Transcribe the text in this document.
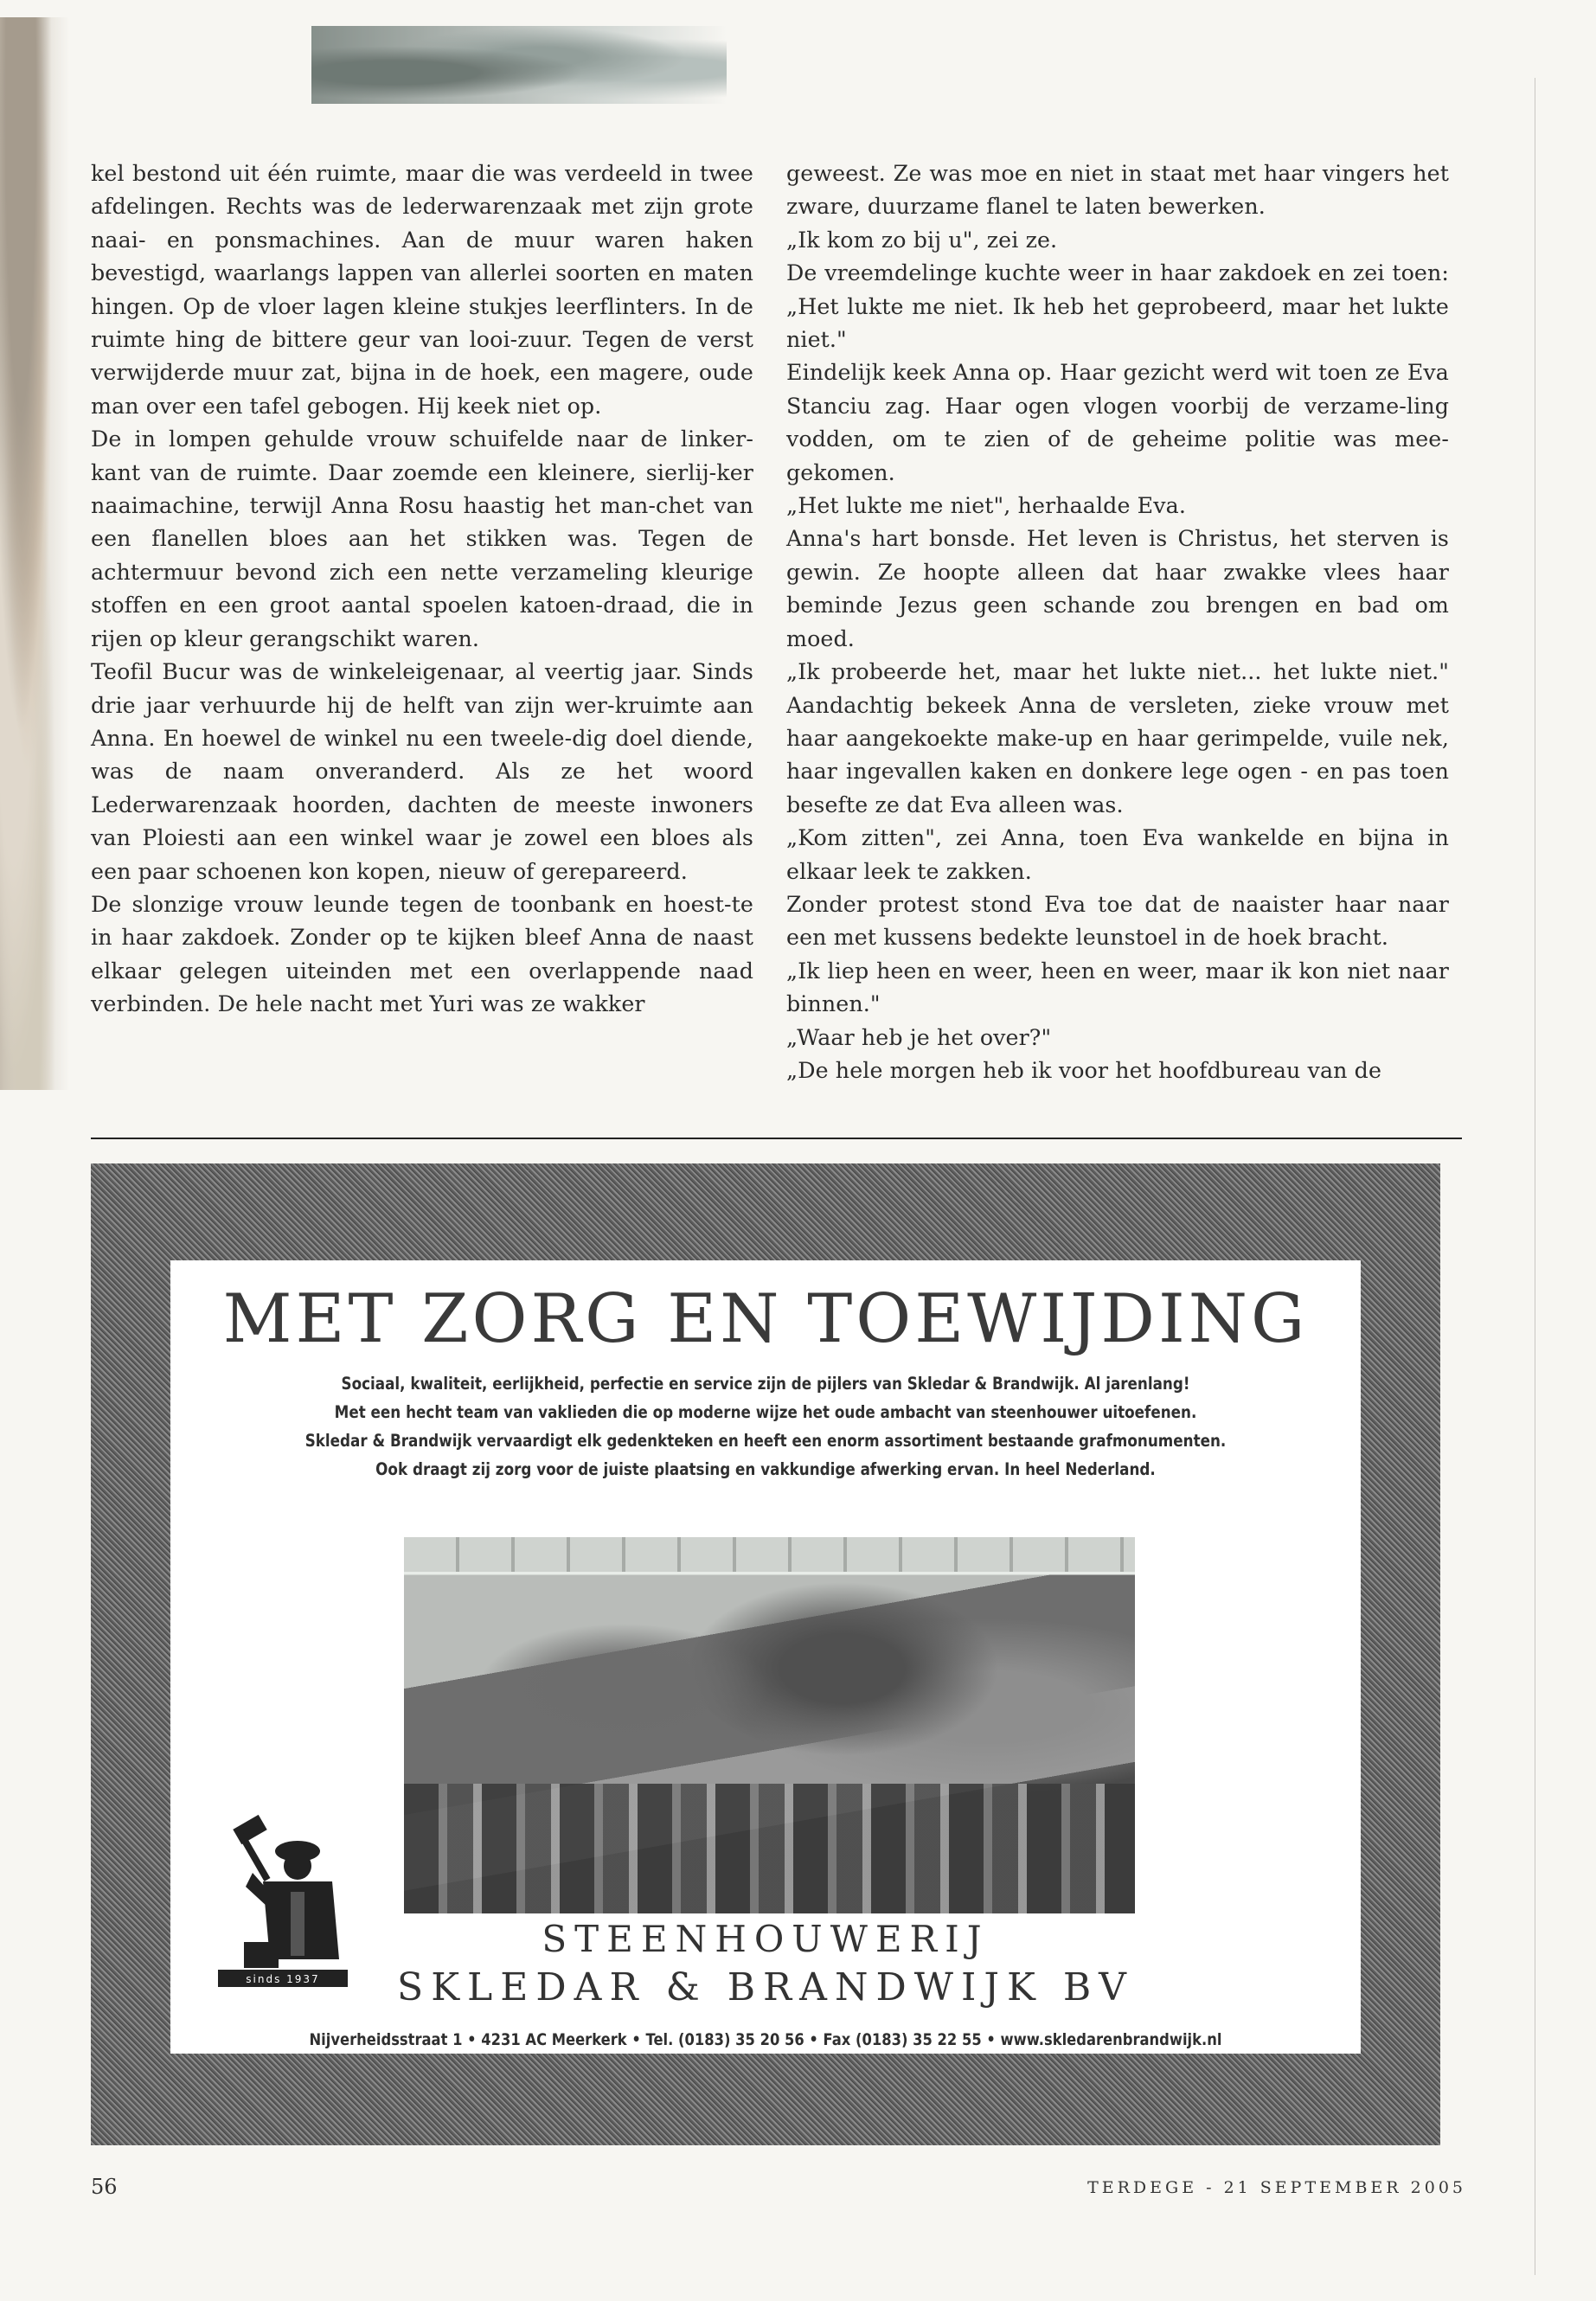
kel bestond uit één ruimte, maar die was verdeeld in twee afdelingen. Rechts was de lederwarenzaak met zijn grote naai- en ponsmachines. Aan de muur waren haken bevestigd, waarlangs lappen van allerlei soorten en maten hingen. Op de vloer lagen kleine stukjes leerflinters. In de ruimte hing de bittere geur van looi-zuur. Tegen de verst verwijderde muur zat, bijna in de hoek, een magere, oude man over een tafel gebogen. Hij keek niet op.

De in lompen gehulde vrouw schuifelde naar de linker-kant van de ruimte. Daar zoemde een kleinere, sierlij-ker naaimachine, terwijl Anna Rosu haastig het man-chet van een flanellen bloes aan het stikken was. Tegen de achtermuur bevond zich een nette verzameling kleurige stoffen en een groot aantal spoelen katoen-draad, die in rijen op kleur gerangschikt waren.

Teofil Bucur was de winkeleigenaar, al veertig jaar. Sinds drie jaar verhuurde hij de helft van zijn wer-kruimte aan Anna. En hoewel de winkel nu een tweele-dig doel diende, was de naam onveranderd. Als ze het woord Lederwarenzaak hoorden, dachten de meeste inwoners van Ploiesti aan een winkel waar je zowel een bloes als een paar schoenen kon kopen, nieuw of gerepareerd.

De slonzige vrouw leunde tegen de toonbank en hoest-te in haar zakdoek. Zonder op te kijken bleef Anna de naast elkaar gelegen uiteinden met een overlappende naad verbinden. De hele nacht met Yuri was ze wakker

geweest. Ze was moe en niet in staat met haar vingers het zware, duurzame flanel te laten bewerken.

„Ik kom zo bij u", zei ze.

De vreemdelinge kuchte weer in haar zakdoek en zei toen: „Het lukte me niet. Ik heb het geprobeerd, maar het lukte niet."

Eindelijk keek Anna op. Haar gezicht werd wit toen ze Eva Stanciu zag. Haar ogen vlogen voorbij de verzame-ling vodden, om te zien of de geheime politie was mee-gekomen.

„Het lukte me niet", herhaalde Eva.

Anna's hart bonsde. Het leven is Christus, het sterven is gewin. Ze hoopte alleen dat haar zwakke vlees haar beminde Jezus geen schande zou brengen en bad om moed.

„Ik probeerde het, maar het lukte niet... het lukte niet." Aandachtig bekeek Anna de versleten, zieke vrouw met haar aangekoekte make-up en haar gerimpelde, vuile nek, haar ingevallen kaken en donkere lege ogen - en pas toen besefte ze dat Eva alleen was.

„Kom zitten", zei Anna, toen Eva wankelde en bijna in elkaar leek te zakken.

Zonder protest stond Eva toe dat de naaister haar naar een met kussens bedekte leunstoel in de hoek bracht.

„Ik liep heen en weer, heen en weer, maar ik kon niet naar binnen."

„Waar heb je het over?"

„De hele morgen heb ik voor het hoofdbureau van de

MET ZORG EN TOEWIJDING
Sociaal, kwaliteit, eerlijkheid, perfectie en service zijn de pijlers van Skledar & Brandwijk. Al jarenlang!
Met een hecht team van vaklieden die op moderne wijze het oude ambacht van steenhouwer uitoefenen.
Skledar & Brandwijk vervaardigt elk gedenkteken en heeft een enorm assortiment bestaande grafmonumenten.
Ook draagt zij zorg voor de juiste plaatsing en vakkundige afwerking ervan. In heel Nederland.
sinds 1937
STEENHOUWERIJ
SKLEDAR & BRANDWIJK BV
Nijverheidsstraat 1 • 4231 AC Meerkerk • Tel. (0183) 35 20 56 • Fax (0183) 35 22 55 • www.skledarenbrandwijk.nl
56	TERDEGE - 21 SEPTEMBER 2005
